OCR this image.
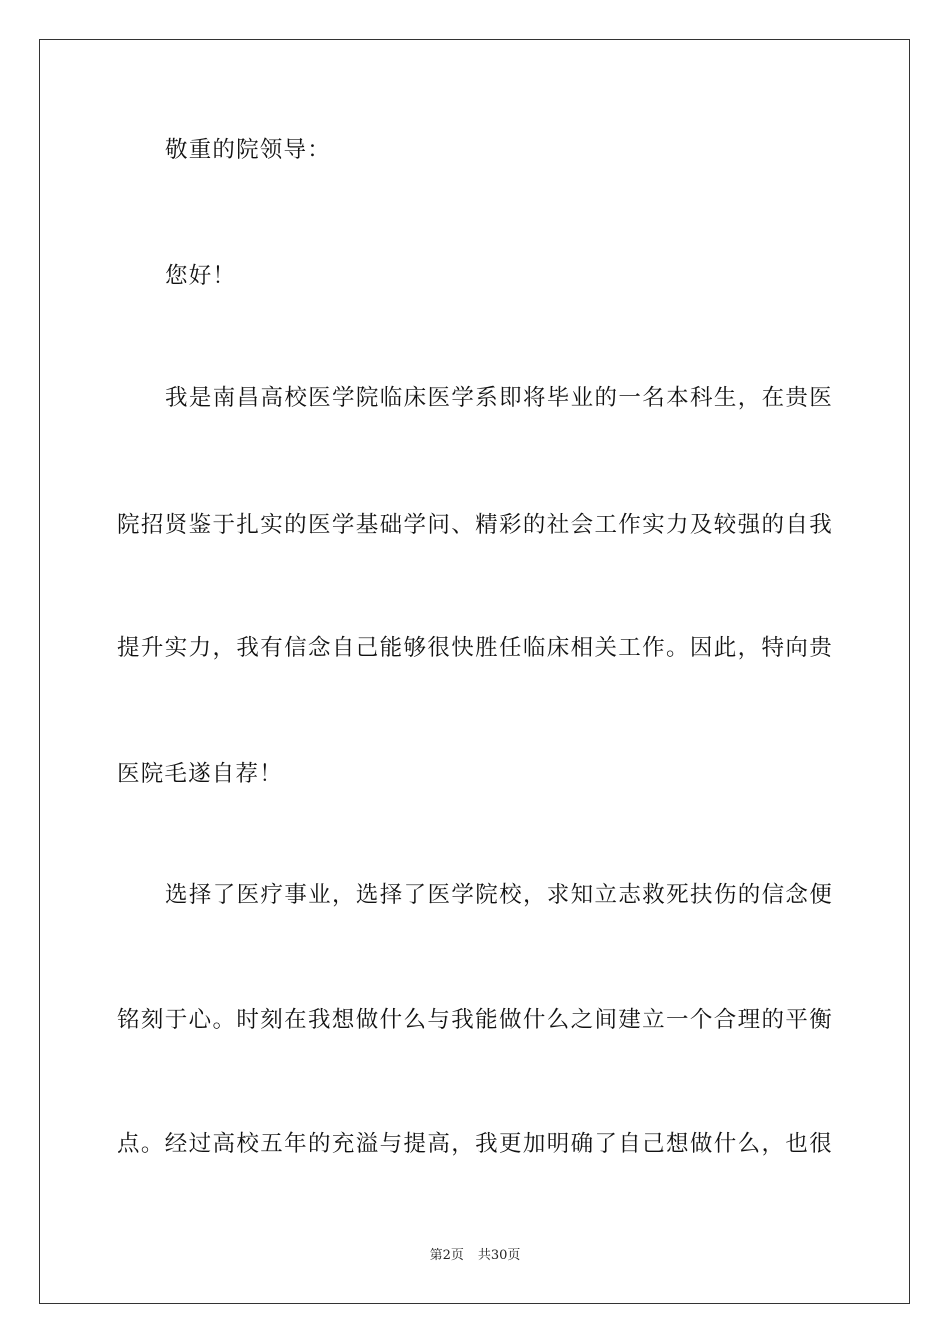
敬重的院领导：
您好！
我是南昌高校医学院临床医学系即将毕业的一名本科生，在贵医
院招贤鉴于扎实的医学基础学问、精彩的社会工作实力及较强的自我
提升实力，我有信念自己能够很快胜任临床相关工作。因此，特向贵
医院毛遂自荐！
选择了医疗事业，选择了医学院校，求知立志救死扶伤的信念便
铭刻于心。时刻在我想做什么与我能做什么之间建立一个合理的平衡
点。经过高校五年的充溢与提高，我更加明确了自己想做什么，也很
第2页 共30页
